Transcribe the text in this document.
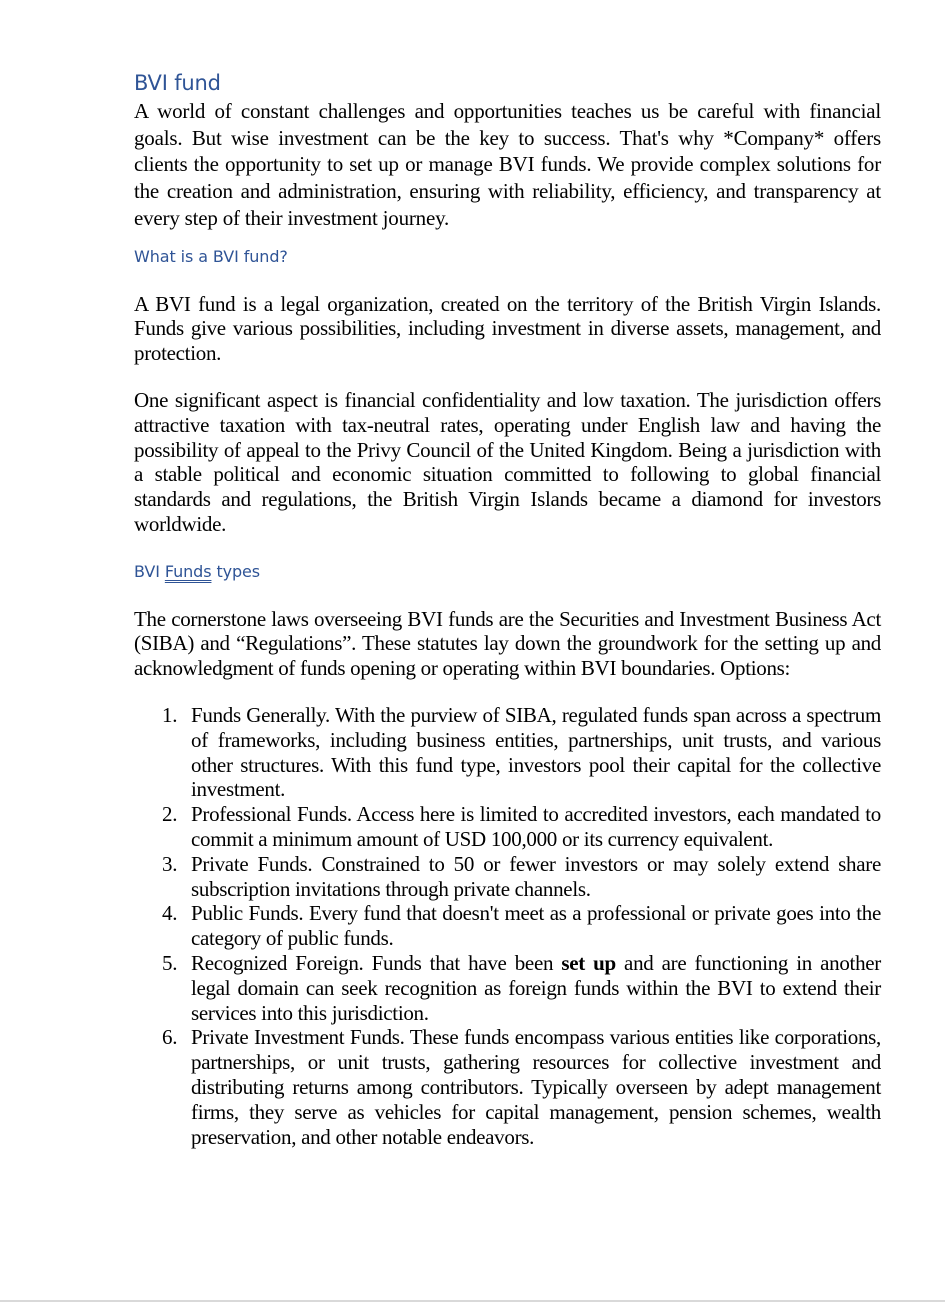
BVI fund

A world of constant challenges and opportunities teaches us be careful with financial goals. But wise investment can be the key to success. That's why *Company* offers clients the opportunity to set up or manage BVI funds. We provide complex solutions for the creation and administration, ensuring with reliability, efficiency, and transparency at every step of their investment journey.

What is a BVI fund?

A BVI fund is a legal organization, created on the territory of the British Virgin Islands. Funds give various possibilities, including investment in diverse assets, management, and protection.

One significant aspect is financial confidentiality and low taxation. The jurisdiction offers attractive taxation with tax-neutral rates, operating under English law and having the possibility of appeal to the Privy Council of the United Kingdom. Being a jurisdiction with a stable political and economic situation committed to following to global financial standards and regulations, the British Virgin Islands became a diamond for investors worldwide.

BVI Funds types

The cornerstone laws overseeing BVI funds are the Securities and Investment Business Act (SIBA) and “Regulations”. These statutes lay down the groundwork for the setting up and acknowledgment of funds opening or operating within BVI boundaries. Options:

1. Funds Generally. With the purview of SIBA, regulated funds span across a spectrum of frameworks, including business entities, partnerships, unit trusts, and various other structures. With this fund type, investors pool their capital for the collective investment.
2. Professional Funds. Access here is limited to accredited investors, each mandated to commit a minimum amount of USD 100,000 or its currency equivalent.
3. Private Funds. Constrained to 50 or fewer investors or may solely extend share subscription invitations through private channels.
4. Public Funds. Every fund that doesn't meet as a professional or private goes into the category of public funds.
5. Recognized Foreign. Funds that have been set up and are functioning in another legal domain can seek recognition as foreign funds within the BVI to extend their services into this jurisdiction.
6. Private Investment Funds. These funds encompass various entities like corporations, partnerships, or unit trusts, gathering resources for collective investment and distributing returns among contributors. Typically overseen by adept management firms, they serve as vehicles for capital management, pension schemes, wealth preservation, and other notable endeavors.
